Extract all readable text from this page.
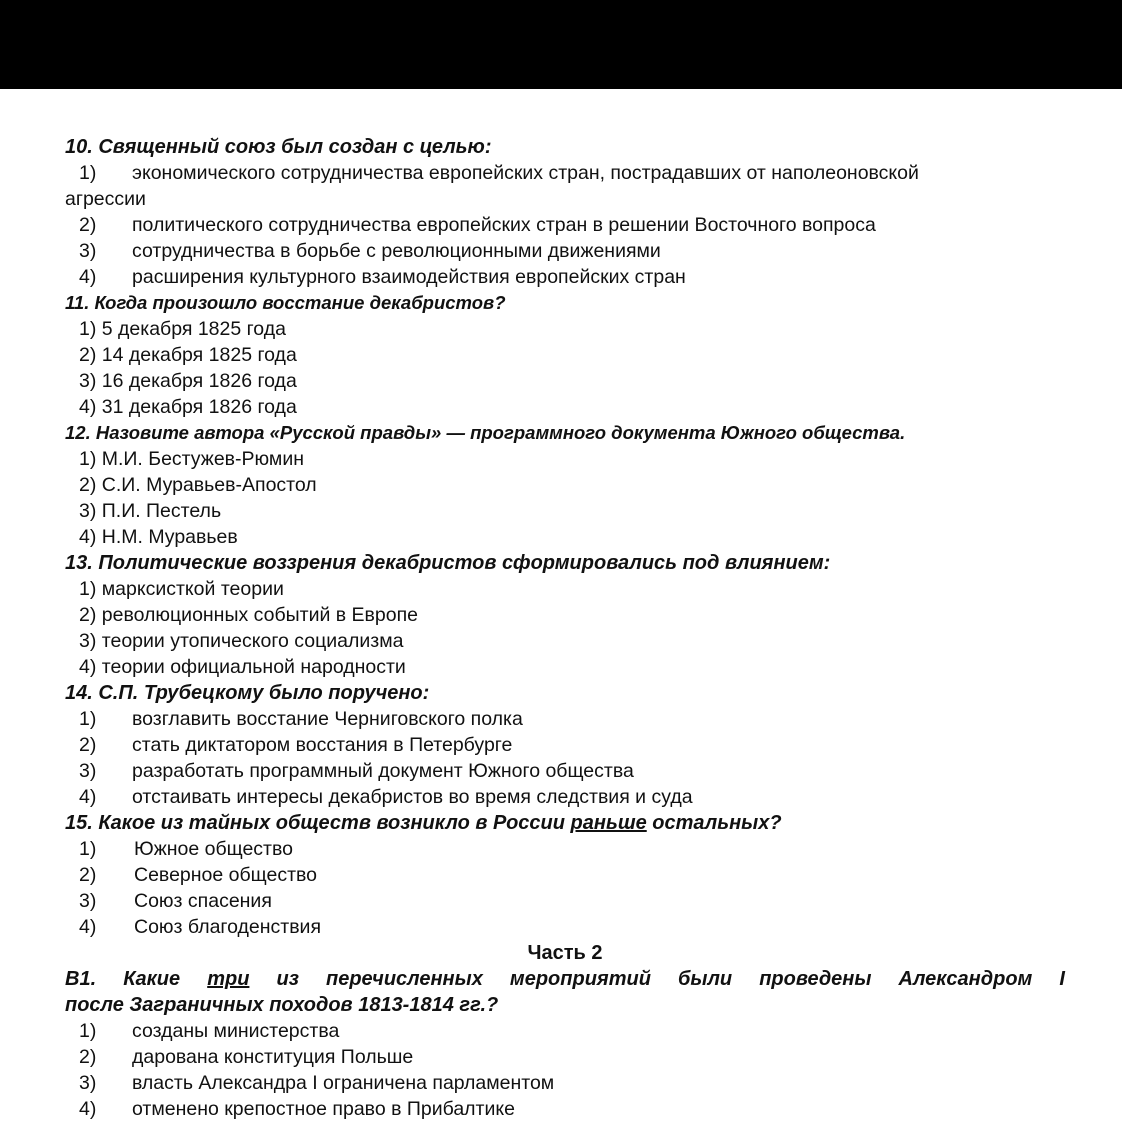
10. Священный союз был создан с целью:
1) экономического сотрудничества европейских стран, пострадавших от наполеоновской
агрессии
2) политического сотрудничества европейских стран в решении Восточного вопроса
3) сотрудничества в борьбе с революционными движениями
4) расширения культурного взаимодействия европейских стран
11. Когда произошло восстание декабристов?
1) 5 декабря 1825 года
2) 14 декабря 1825 года
3) 16 декабря 1826 года
4) 31 декабря 1826 года
12. Назовите автора «Русской правды» — программного документа Южного общества.
1) М.И. Бестужев-Рюмин
2) С.И. Муравьев-Апостол
3) П.И. Пестель
4) Н.М. Муравьев
13. Политические воззрения декабристов сформировались под влиянием:
1) марксисткой теории
2) революционных событий в Европе
3) теории утопического социализма
4) теории официальной народности
14. С.П. Трубецкому было поручено:
1) возглавить восстание Черниговского полка
2) стать диктатором восстания в Петербурге
3) разработать программный документ Южного общества
4) отстаивать интересы декабристов во время следствия и суда
15. Какое из тайных обществ возникло в России раньше остальных?
1) Южное общество
2) Северное общество
3) Союз спасения
4) Союз благоденствия
Часть 2
В1. Какие три из перечисленных мероприятий были проведены Александром I
после Заграничных походов 1813-1814 гг.?
1) созданы министерства
2) дарована конституция Польше
3) власть Александра I ограничена парламентом
4) отменено крепостное право в Прибалтике
